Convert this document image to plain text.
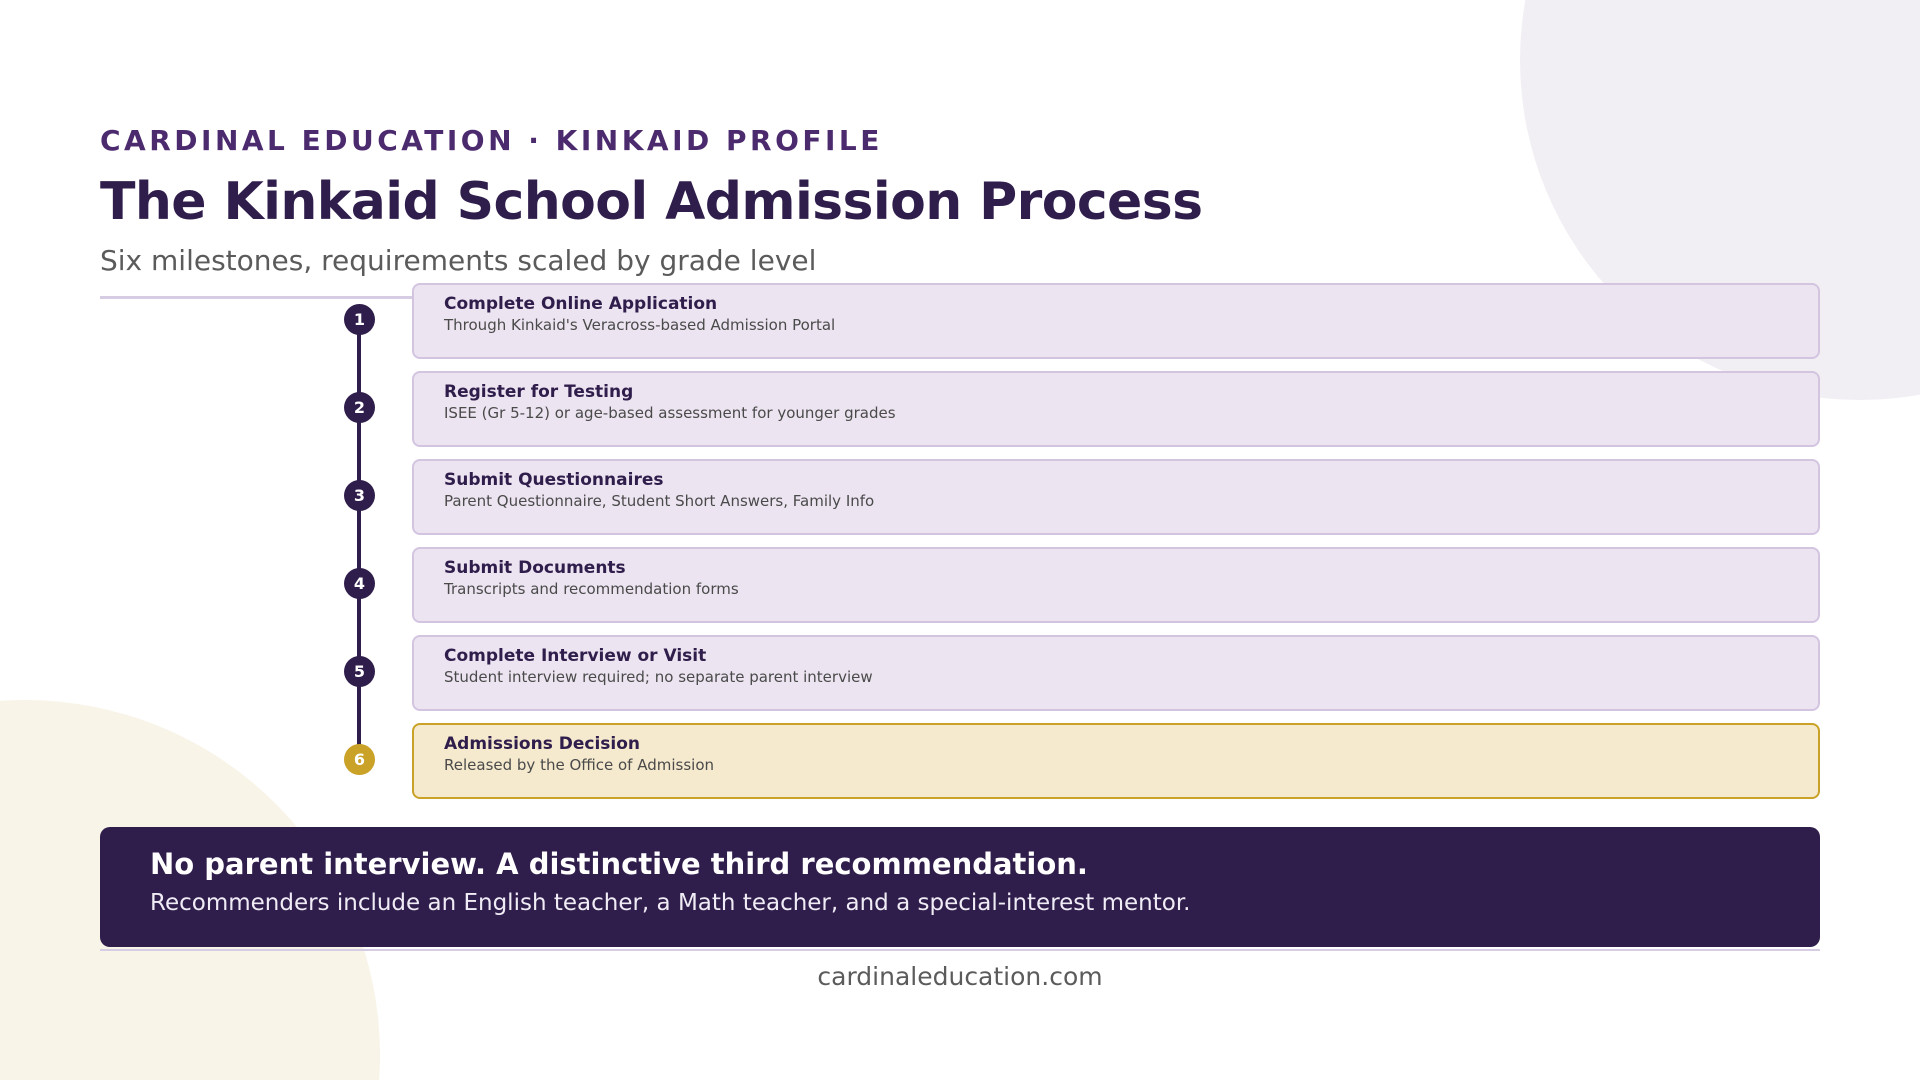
CARDINAL EDUCATION · KINKAID PROFILE
The Kinkaid School Admission Process
Six milestones, requirements scaled by grade level
1
Complete Online Application
Through Kinkaid's Veracross-based Admission Portal
2
Register for Testing
ISEE (Gr 5-12) or age-based assessment for younger grades
3
Submit Questionnaires
Parent Questionnaire, Student Short Answers, Family Info
4
Submit Documents
Transcripts and recommendation forms
5
Complete Interview or Visit
Student interview required; no separate parent interview
6
Admissions Decision
Released by the Office of Admission
No parent interview. A distinctive third recommendation.
Recommenders include an English teacher, a Math teacher, and a special-interest mentor.
cardinaleducation.com
